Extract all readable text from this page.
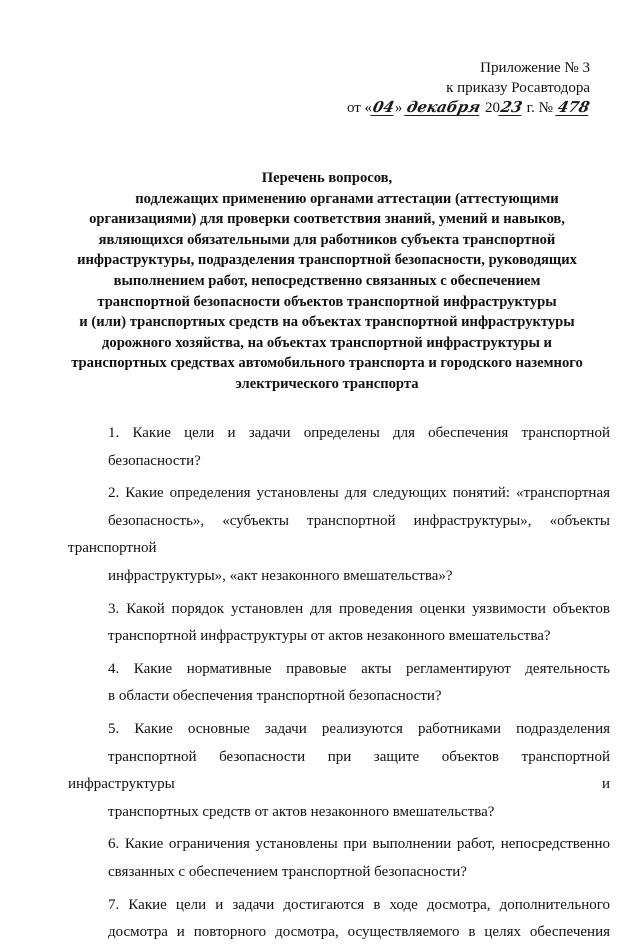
Приложение № 3
к приказу Росавтодора
от «04» декабря 2023 г. № 478
Перечень вопросов,
подлежащих применению органами аттестации (аттестующими
организациями) для проверки соответствия знаний, умений и навыков,
являющихся обязательными для работников субъекта транспортной
инфраструктуры, подразделения транспортной безопасности, руководящих
выполнением работ, непосредственно связанных с обеспечением
транспортной безопасности объектов транспортной инфраструктуры
и (или) транспортных средств на объектах транспортной инфраструктуры
дорожного хозяйства, на объектах транспортной инфраструктуры и
транспортных средствах автомобильного транспорта и городского наземного
электрического транспорта
1. Какие цели и задачи определены для обеспечения транспортной
безопасности?
2. Какие определения установлены для следующих понятий: «транспортная
безопасность», «субъекты транспортной инфраструктуры», «объекты транспортной
инфраструктуры», «акт незаконного вмешательства»?
3. Какой порядок установлен для проведения оценки уязвимости объектов
транспортной инфраструктуры от актов незаконного вмешательства?
4. Какие нормативные правовые акты регламентируют деятельность
в области обеспечения транспортной безопасности?
5. Какие основные задачи реализуются работниками подразделения
транспортной безопасности при защите объектов транспортной инфраструктуры и
транспортных средств от актов незаконного вмешательства?
6. Какие ограничения установлены при выполнении работ, непосредственно
связанных с обеспечением транспортной безопасности?
7. Какие цели и задачи достигаются в ходе досмотра, дополнительного
досмотра и повторного досмотра, осуществляемого в целях обеспечения
